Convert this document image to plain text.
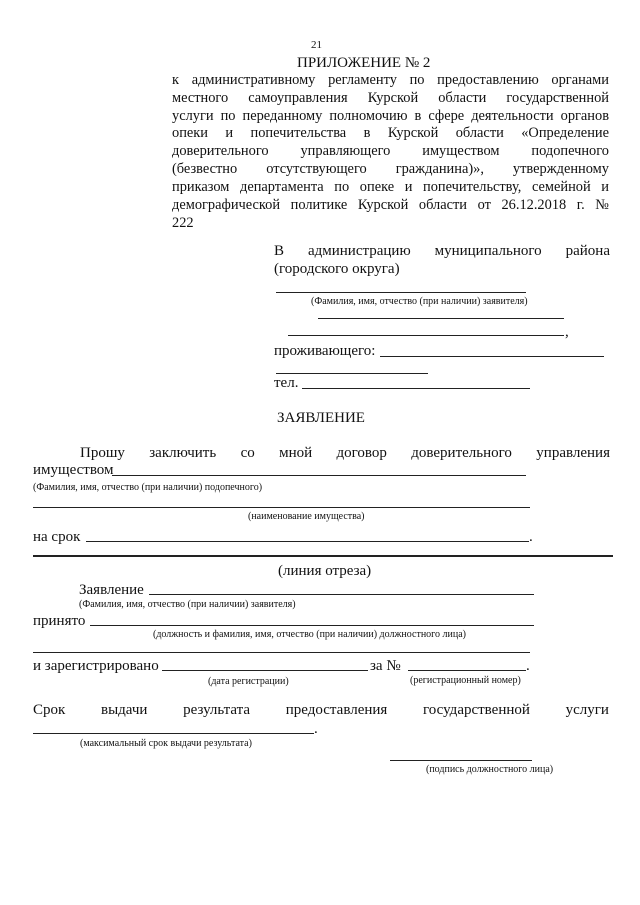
21
ПРИЛОЖЕНИЕ № 2
к административному регламенту по предоставлению органами
местного самоуправления Курской области государственной
услуги по переданному полномочию в сфере деятельности органов
опеки и попечительства в Курской области «Определение
доверительного управляющего имуществом подопечного
(безвестно отсутствующего гражданина)», утвержденному
приказом департамента по опеке и попечительству, семейной и
демографической политике Курской области от 26.12.2018 г. №
222
В администрацию муниципального района
(городского округа)
(Фамилия, имя, отчество (при наличии) заявителя)
,
проживающего:
тел.
ЗАЯВЛЕНИЕ
Прошу заключить со мной договор доверительного управления
имуществом
(Фамилия, имя, отчество (при наличии) подопечного)
(наименование имущества)
на срок	.
(линия отреза)
Заявление
(Фамилия, имя, отчество (при наличии) заявителя)
принято
(должность и фамилия, имя, отчество (при наличии) должностного лица)
и зарегистрировано	за №	.
(дата регистрации)	(регистрационный номер)
Срок выдачи результата предоставления государственной услуги
.
(максимальный срок выдачи результата)
(подпись должностного лица)
